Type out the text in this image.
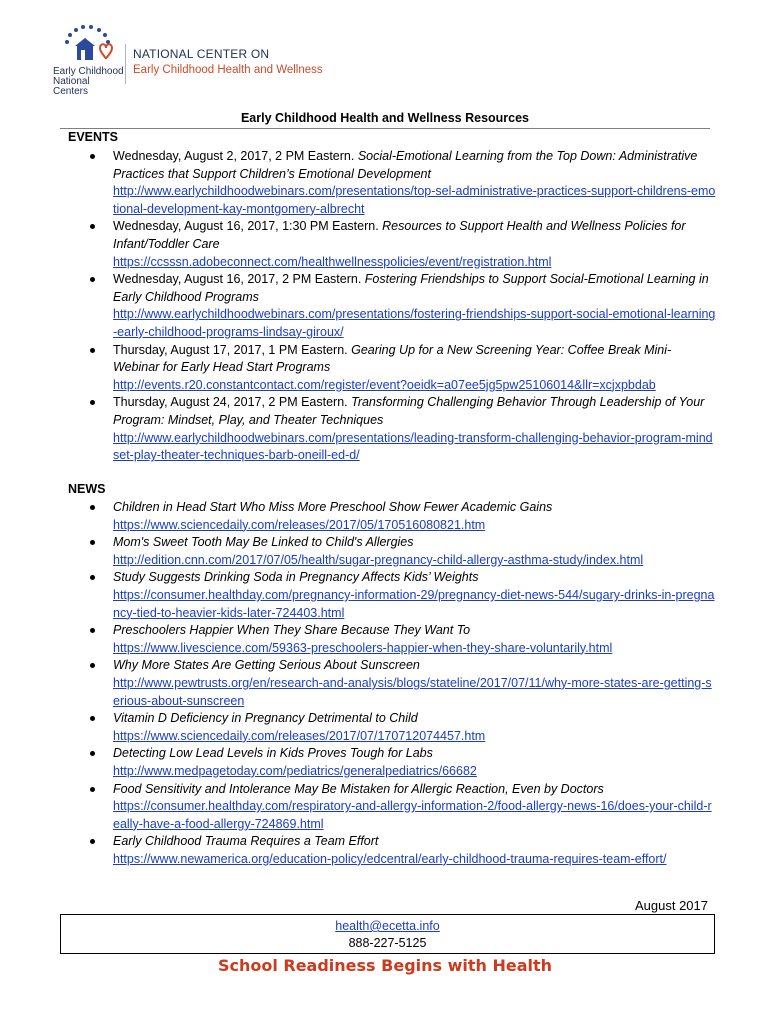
Early Childhood
National Centers
NATIONAL CENTER ON
Early Childhood Health and Wellness
Early Childhood Health and Wellness Resources
EVENTS
Wednesday, August 2, 2017, 2 PM Eastern. Social-Emotional Learning from the Top Down: Administrative Practices that Support Children’s Emotional Development
http://www.earlychildhoodwebinars.com/presentations/top-sel-administrative-practices-support-childrens-emotional-development-kay-montgomery-albrecht
Wednesday, August 16, 2017, 1:30 PM Eastern. Resources to Support Health and Wellness Policies for Infant/Toddler Care
https://ccsssn.adobeconnect.com/healthwellnesspolicies/event/registration.html
Wednesday, August 16, 2017, 2 PM Eastern. Fostering Friendships to Support Social-Emotional Learning in Early Childhood Programs
http://www.earlychildhoodwebinars.com/presentations/fostering-friendships-support-social-emotional-learning-early-childhood-programs-lindsay-giroux/
Thursday, August 17, 2017, 1 PM Eastern. Gearing Up for a New Screening Year: Coffee Break Mini-Webinar for Early Head Start Programs
http://events.r20.constantcontact.com/register/event?oeidk=a07ee5jg5pw25106014&llr=xcjxpbdab
Thursday, August 24, 2017, 2 PM Eastern. Transforming Challenging Behavior Through Leadership of Your Program: Mindset, Play, and Theater Techniques
http://www.earlychildhoodwebinars.com/presentations/leading-transform-challenging-behavior-program-mindset-play-theater-techniques-barb-oneill-ed-d/
NEWS
Children in Head Start Who Miss More Preschool Show Fewer Academic Gains
https://www.sciencedaily.com/releases/2017/05/170516080821.htm
Mom's Sweet Tooth May Be Linked to Child's Allergies
http://edition.cnn.com/2017/07/05/health/sugar-pregnancy-child-allergy-asthma-study/index.html
Study Suggests Drinking Soda in Pregnancy Affects Kids’ Weights
https://consumer.healthday.com/pregnancy-information-29/pregnancy-diet-news-544/sugary-drinks-in-pregnancy-tied-to-heavier-kids-later-724403.html
Preschoolers Happier When They Share Because They Want To
https://www.livescience.com/59363-preschoolers-happier-when-they-share-voluntarily.html
Why More States Are Getting Serious About Sunscreen
http://www.pewtrusts.org/en/research-and-analysis/blogs/stateline/2017/07/11/why-more-states-are-getting-serious-about-sunscreen
Vitamin D Deficiency in Pregnancy Detrimental to Child
https://www.sciencedaily.com/releases/2017/07/170712074457.htm
Detecting Low Lead Levels in Kids Proves Tough for Labs
http://www.medpagetoday.com/pediatrics/generalpediatrics/66682
Food Sensitivity and Intolerance May Be Mistaken for Allergic Reaction, Even by Doctors
https://consumer.healthday.com/respiratory-and-allergy-information-2/food-allergy-news-16/does-your-child-really-have-a-food-allergy-724869.html
Early Childhood Trauma Requires a Team Effort
https://www.newamerica.org/education-policy/edcentral/early-childhood-trauma-requires-team-effort/
August 2017
health@ecetta.info
888-227-5125
School Readiness Begins with Health
